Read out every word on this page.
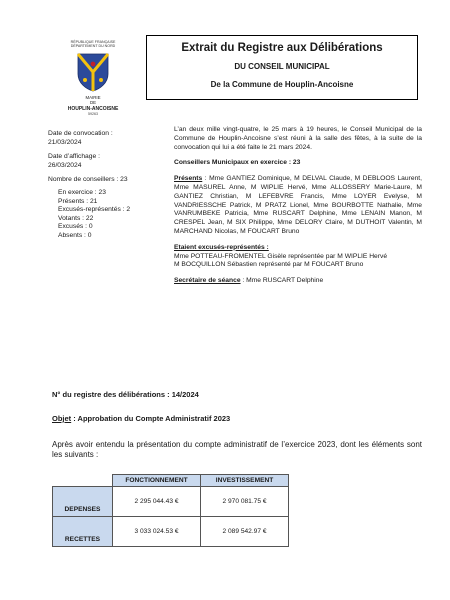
RÉPUBLIQUE FRANÇAISE
DÉPARTEMENT DU NORD
MAIRIE
DE
HOUPLIN-ANCOISNE
59263
Extrait du Registre aux Délibérations
DU CONSEIL MUNICIPAL
De la Commune de Houplin-Ancoisne
Date de convocation :
21/03/2024
Date d’affichage :
26/03/2024
Nombre de conseillers : 23
En exercice : 23
Présents : 21
Excusés-représentés : 2
Votants : 22
Excusés : 0
Absents : 0

L’an deux mille vingt-quatre, le 25 mars à 19 heures, le Conseil Municipal de la Commune de Houplin-Ancoisne s’est réuni à la salle des fêtes, à la suite de la convocation qui lui a été faite le 21 mars 2024.

Conseillers Municipaux en exercice : 23

Présents : Mme GANTIEZ Dominique, M DELVAL Claude, M DEBLOOS Laurent, Mme MASUREL Anne, M WIPLIE Hervé, Mme ALLOSSERY Marie-Laure, M GANTIEZ Christian, M LEFEBVRE Francis, Mme LOYER Evelyse, M VANDRIESSCHE Patrick, M PRATZ Lionel, Mme BOURBOTTE Nathalie, Mme VANRUMBEKE Patricia, Mme RUSCART Delphine, Mme LENAIN Manon, M CRESPEL Jean, M SIX Philippe, Mme DELORY Claire, M DUTHOIT Valentin, M MARCHAND Nicolas, M FOUCART Bruno

Etaient excusés-représentés :

Mme POTTEAU-FROMENTEL Gisèle représentée par M WIPLIE Hervé

M BOCQUILLON Sébastien représenté par M FOUCART Bruno

Secrétaire de séance : Mme RUSCART Delphine

N° du registre des délibérations : 14/2024
Objet : Approbation du Compte Administratif 2023
Après avoir entendu la présentation du compte administratif de l’exercice 2023, dont les éléments sont les suivants :
	FONCTIONNEMENT	INVESTISSEMENT
DEPENSES	2 295 044.43 €	2 970 081.75 €
RECETTES	3 033 024.53 €	2 089 542.97 €
